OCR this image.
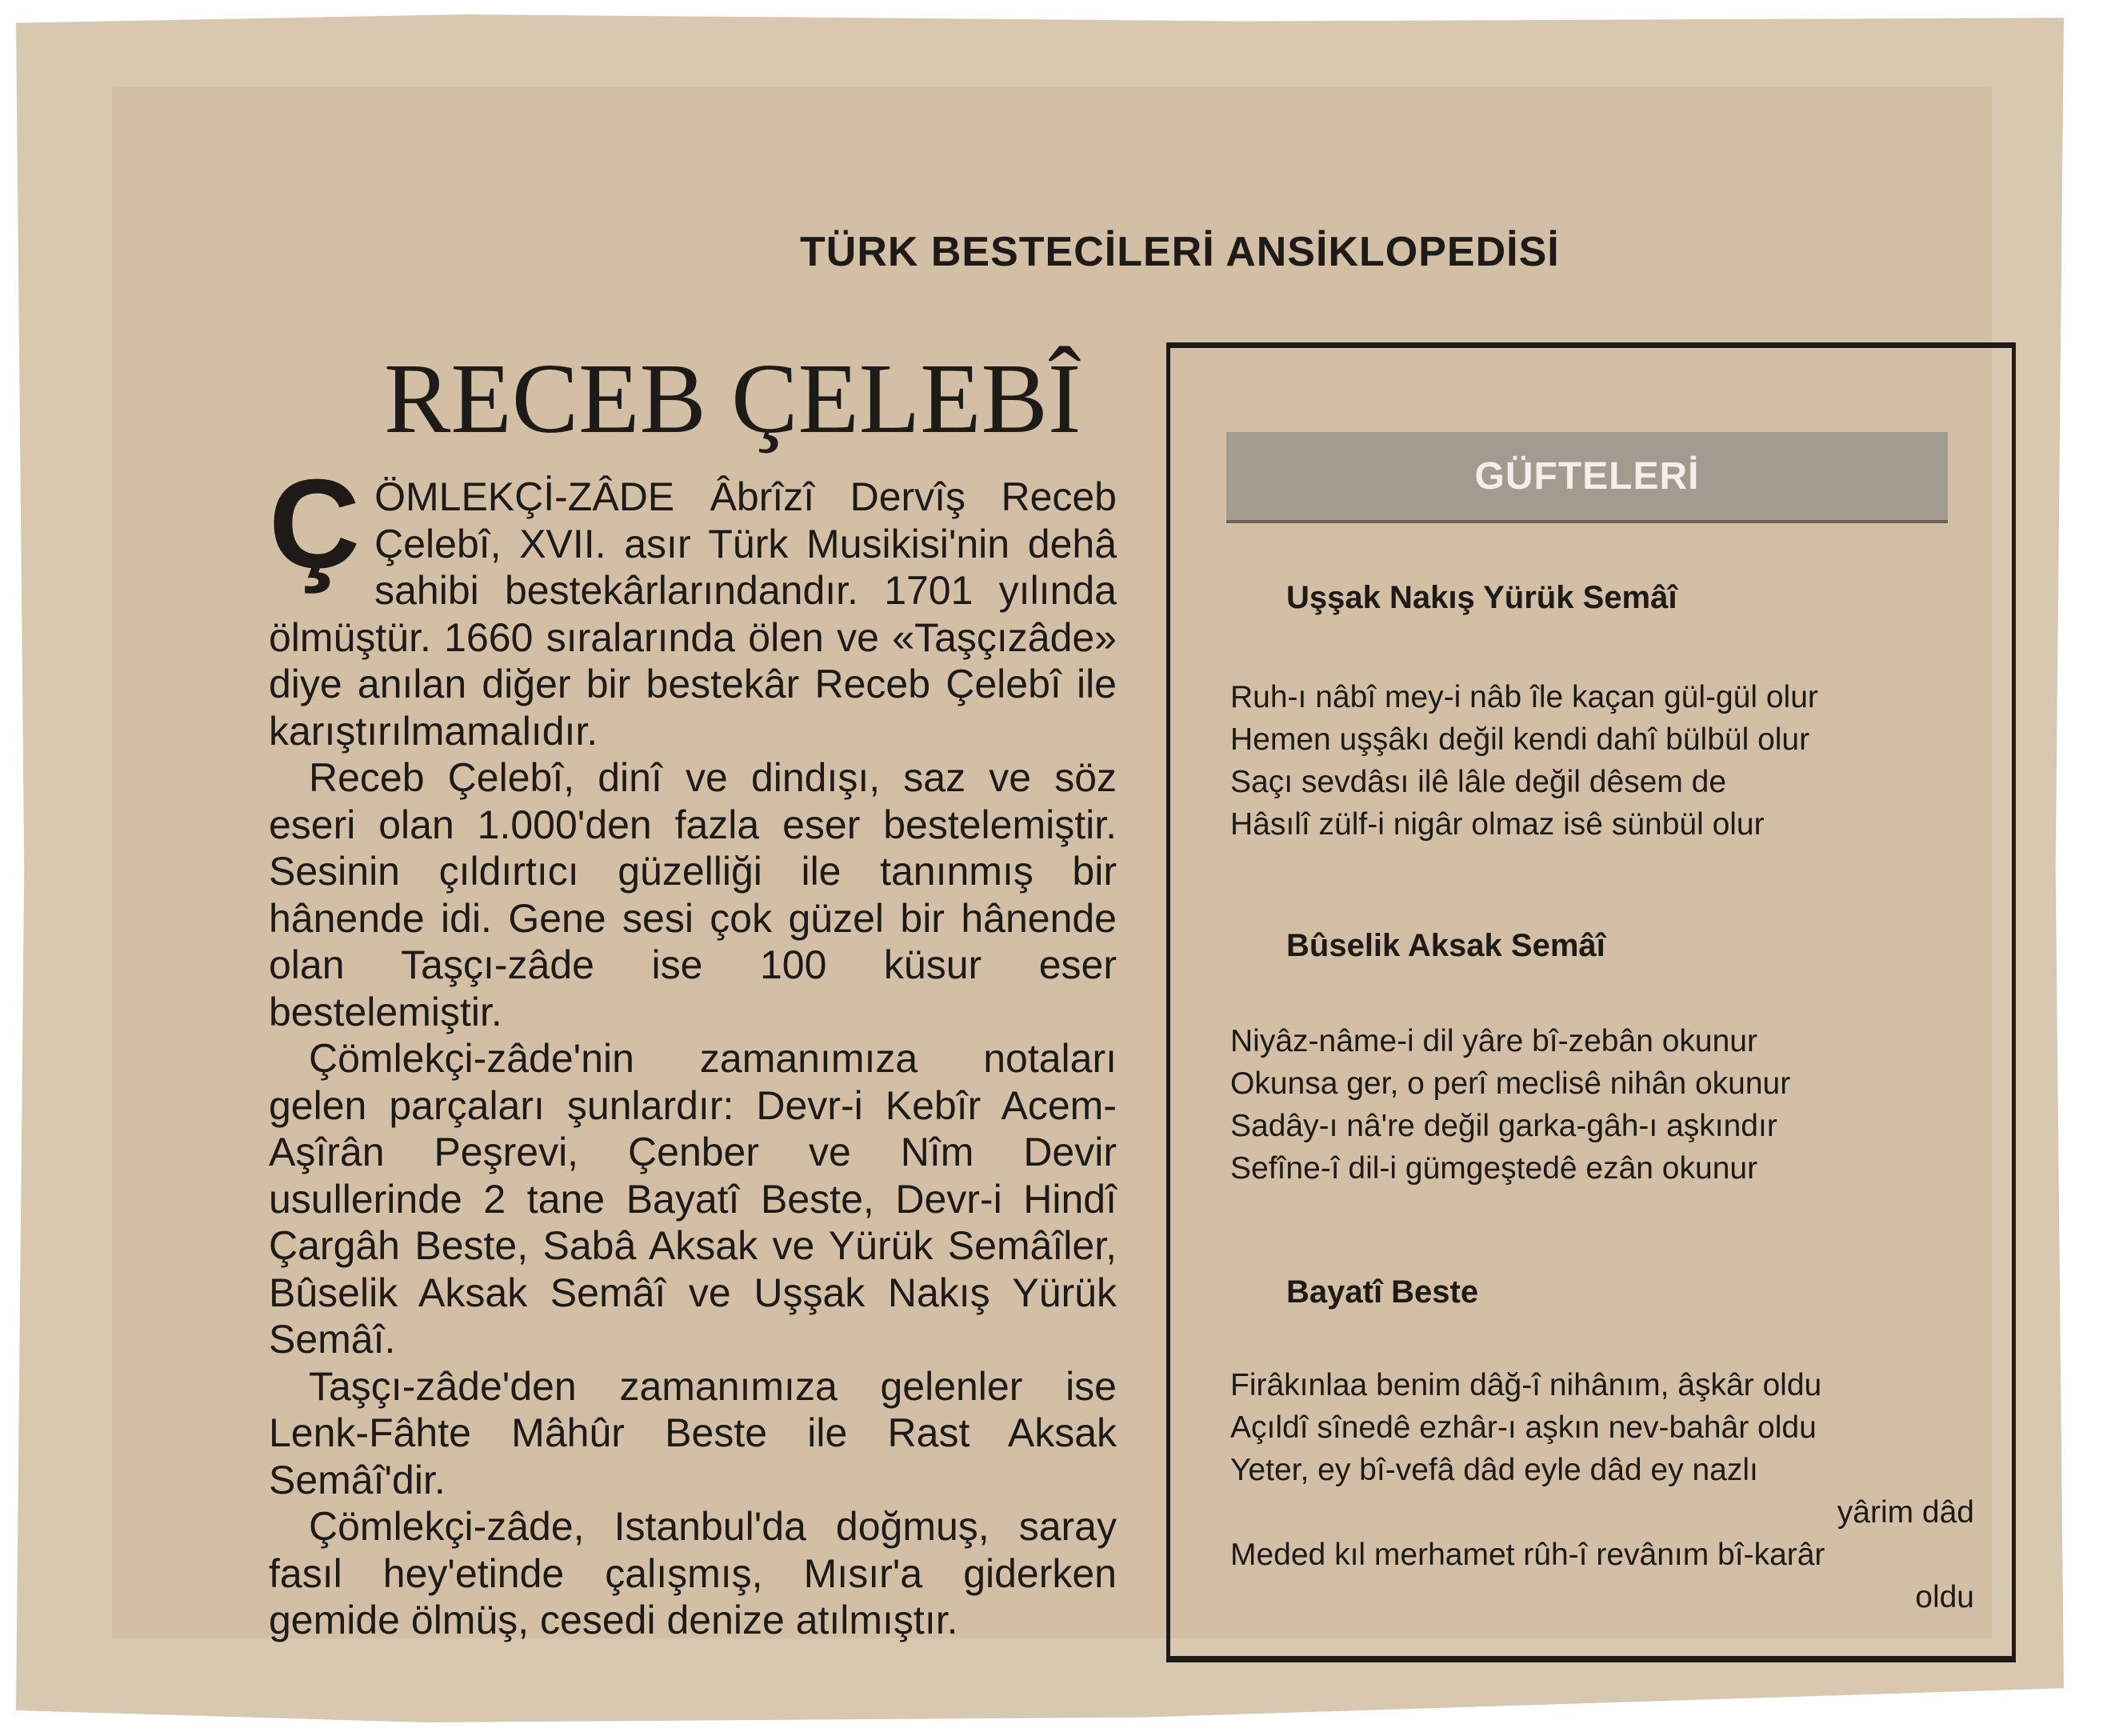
TÜRK BESTECİLERİ ANSİKLOPEDİSİ
RECEB ÇELEBÎ

ÇÖMLEKÇİ-ZÂDE Âbrîzî Dervîş Receb Çelebî, XVII. asır Türk Musikisi'nin dehâ sahibi bestekârlarındandır. 1701 yılında ölmüştür. 1660 sıralarında ölen ve «Taşçızâde» diye anılan diğer bir bestekâr Receb Çelebî ile karıştırılmamalıdır.

Receb Çelebî, dinî ve dindışı, saz ve söz eseri olan 1.000'den fazla eser bestelemiştir. Sesinin çıldırtıcı güzelliği ile tanınmış bir hânende idi. Gene sesi çok güzel bir hânende olan Taşçı-zâde ise 100 küsur eser bestelemiştir.

Çömlekçi-zâde'nin zamanımıza notaları gelen parçaları şunlardır: Devr-i Kebîr Acem-Aşîrân Peşrevi, Çenber ve Nîm Devir usullerinde 2 tane Bayatî Beste, Devr-i Hindî Çargâh Beste, Sabâ Aksak ve Yürük Semâîler, Bûselik Aksak Semâî ve Uşşak Nakış Yürük Semâî.

Taşçı-zâde'den zamanımıza gelenler ise Lenk-Fâhte Mâhûr Beste ile Rast Aksak Semâî'dir.

Çömlekçi-zâde, Istanbul'da doğmuş, saray fasıl hey'etinde çalışmış, Mısır'a giderken gemide ölmüş, cesedi denize atılmıştır.

GÜFTELERİ
Uşşak Nakış Yürük Semâî
Ruh-ı nâbî mey-i nâb île kaçan gül-gül olur
Hemen uşşâkı değil kendi dahî bülbül olur
Saçı sevdâsı ilê lâle değil dêsem de
Hâsılî zülf-i nigâr olmaz isê sünbül olur
Bûselik Aksak Semâî
Niyâz-nâme-i dil yâre bî-zebân okunur
Okunsa ger, o perî meclisê nihân okunur
Sadây-ı nâ're değil garka-gâh-ı aşkındır
Sefîne-î dil-i gümgeştedê ezân okunur
Bayatî Beste
Firâkınlaa benim dâğ-î nihânım, âşkâr oldu
Açıldî sînedê ezhâr-ı aşkın nev-bahâr oldu
Yeter, ey bî-vefâ dâd eyle dâd ey nazlı
yârim dâd
Meded kıl merhamet rûh-î revânım bî-karâr
oldu
